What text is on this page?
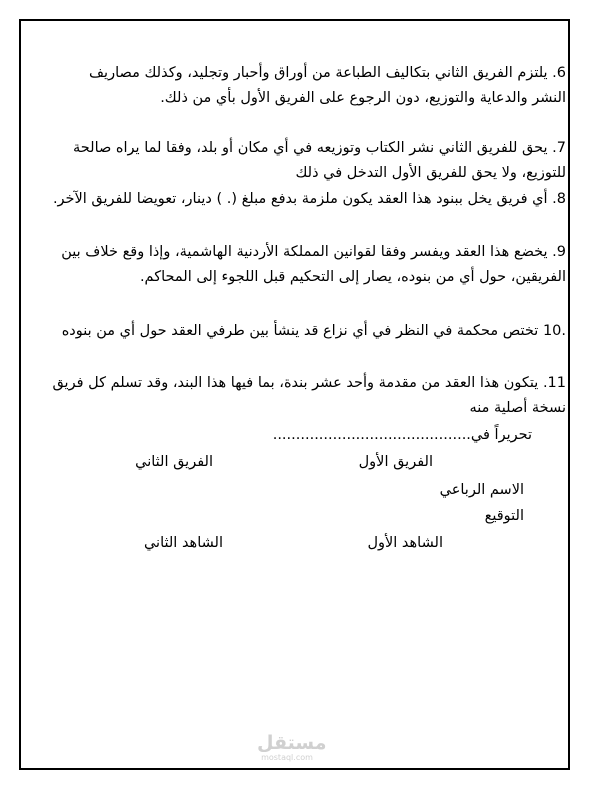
6. يلتزم الفريق الثاني بتكاليف الطباعة من أوراق وأحبار وتجليد، وكذلك مصاريف النشر والدعاية والتوزيع، دون الرجوع على الفريق الأول بأي من ذلك.

7. يحق للفريق الثاني نشر الكتاب وتوزيعه في أي مكان أو بلد، وفقا لما يراه صالحة للتوزيع، ولا يحق للفريق الأول التدخل في ذلك

8. أي فريق يخل ببنود هذا العقد يكون ملزمة بدفع مبلغ (. ) دينار، تعويضا للفريق الآخر.

9. يخضع هذا العقد ويفسر وفقا لقوانين المملكة الأردنية الهاشمية، وإذا وقع خلاف بين الفريقين، حول أي من بنوده، يصار إلى التحكيم قبل اللجوء إلى المحاكم.

.10 تختص محكمة في النظر في أي نزاع قد ينشأ بين طرفي العقد حول أي من بنوده

11. يتكون هذا العقد من مقدمة وأحد عشر بندة، بما فيها هذا البند، وقد تسلم كل فريق نسخة أصلية منه

تحريراً في...........................................
الفريق الأول
الفريق الثاني
الاسم الرباعي
التوقيع
الشاهد الأول
الشاهد الثاني
مستقل
mostaql.com
